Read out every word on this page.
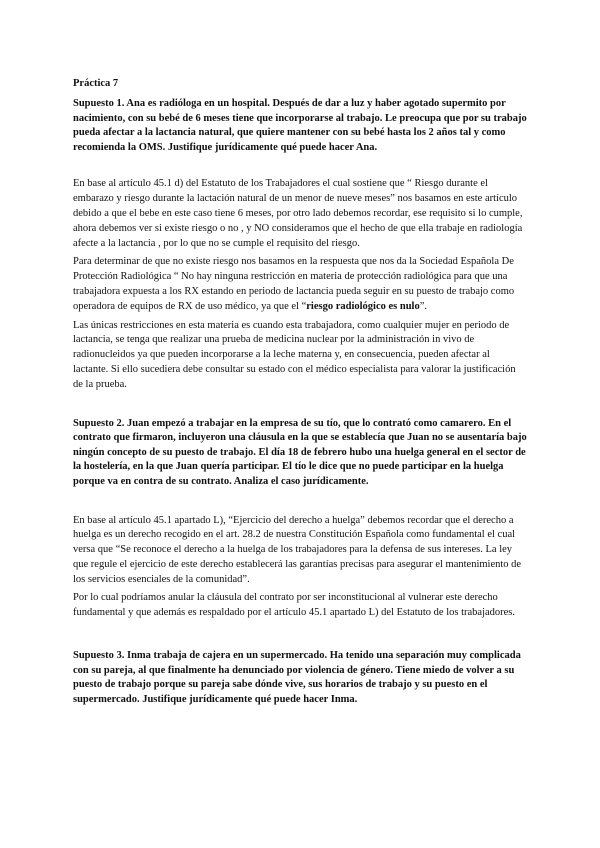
Práctica 7

Supuesto 1. Ana es radióloga en un hospital. Después de dar a luz y haber agotado supermito por nacimiento, con su bebé de 6 meses tiene que incorporarse al trabajo. Le preocupa que por su trabajo pueda afectar a la lactancia natural, que quiere mantener con su bebé hasta los 2 años tal y como recomienda la OMS. Justifique jurídicamente qué puede hacer Ana.

En base al artículo 45.1 d) del Estatuto de los Trabajadores el cual sostiene que “ Riesgo durante el embarazo y riesgo durante la lactación natural de un menor de nueve meses” nos basamos en este artículo debido a que el bebe en este caso tiene 6 meses, por otro lado debemos recordar, ese requisito si lo cumple, ahora debemos ver si existe riesgo o no , y NO consideramos que el hecho de que ella trabaje en radiología afecte a la lactancia , por lo que no se cumple el requisito del riesgo.

Para determinar de que no existe riesgo nos basamos en la respuesta que nos da la Sociedad Española De Protección Radiológica “ No hay ninguna restricción en materia de protección radiológica para que una trabajadora expuesta a los RX estando en periodo de lactancia pueda seguir en su puesto de trabajo como operadora de equipos de RX de uso médico, ya que el “riesgo radiológico es nulo”.

Las únicas restricciones en esta materia es cuando esta trabajadora, como cualquier mujer en periodo de lactancia, se tenga que realizar una prueba de medicina nuclear por la administración in vivo de radionucleidos ya que pueden incorporarse a la leche materna y, en consecuencia, pueden afectar al lactante. Si ello sucediera debe consultar su estado con el médico especialista para valorar la justificación de la prueba.

Supuesto 2. Juan empezó a trabajar en la empresa de su tío, que lo contrató como camarero. En el contrato que firmaron, incluyeron una cláusula en la que se establecía que Juan no se ausentaría bajo ningún concepto de su puesto de trabajo. El día 18 de febrero hubo una huelga general en el sector de la hostelería, en la que Juan quería participar. El tío le dice que no puede participar en la huelga porque va en contra de su contrato. Analiza el caso jurídicamente.

En base al artículo 45.1 apartado L), “Ejercicio del derecho a huelga” debemos recordar que el derecho a huelga es un derecho recogido en el art. 28.2 de nuestra Constitución Española como fundamental el cual versa que “Se reconoce el derecho a la huelga de los trabajadores para la defensa de sus intereses. La ley que regule el ejercicio de este derecho establecerá las garantías precisas para asegurar el mantenimiento de los servicios esenciales de la comunidad”.

Por lo cual podríamos anular la cláusula del contrato por ser inconstitucional al vulnerar este derecho fundamental y que además es respaldado por el artículo 45.1 apartado L) del Estatuto de los trabajadores.

Supuesto 3. Inma trabaja de cajera en un supermercado. Ha tenido una separación muy complicada con su pareja, al que finalmente ha denunciado por violencia de género. Tiene miedo de volver a su puesto de trabajo porque su pareja sabe dónde vive, sus horarios de trabajo y su puesto en el supermercado. Justifique jurídicamente qué puede hacer Inma.
